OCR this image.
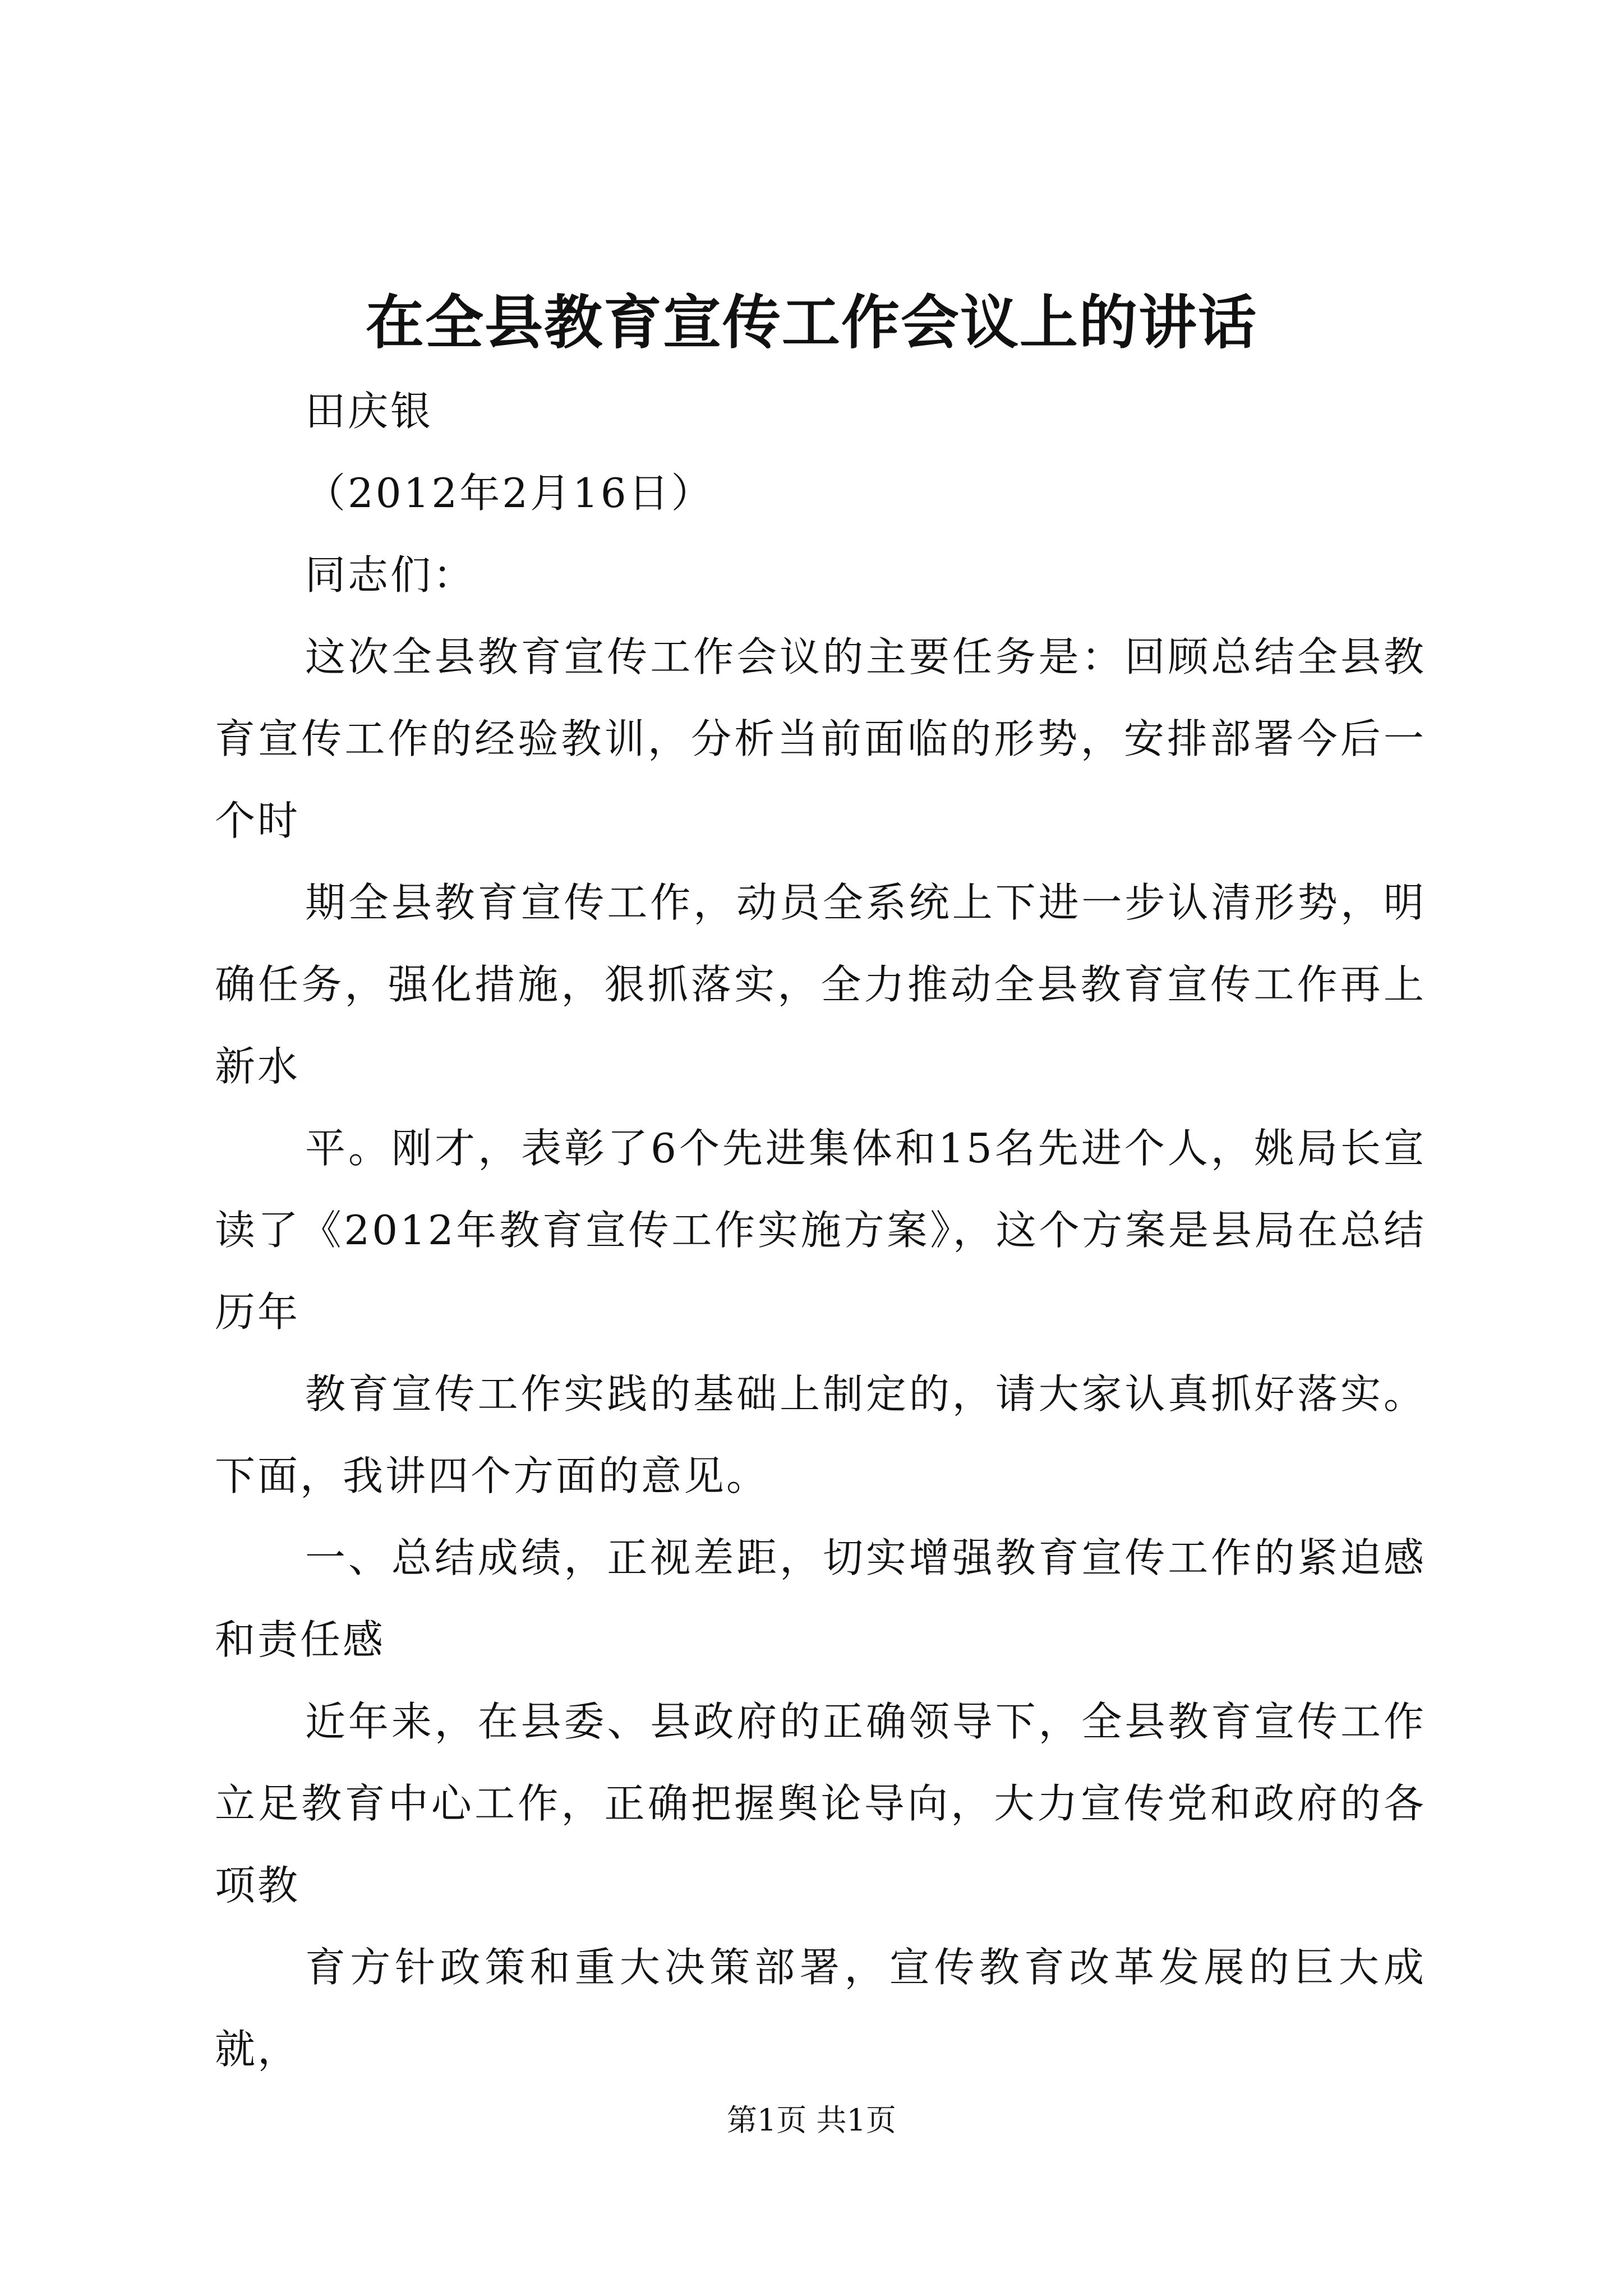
在全县教育宣传工作会议上的讲话

田庆银

（2012年2月16日）

同志们：

这次全县教育宣传工作会议的主要任务是：回顾总结全县教育宣传工作的经验教训，分析当前面临的形势，安排部署今后一个时

期全县教育宣传工作，动员全系统上下进一步认清形势，明确任务，强化措施，狠抓落实，全力推动全县教育宣传工作再上新水

平。刚才，表彰了6个先进集体和15名先进个人，姚局长宣读了《2012年教育宣传工作实施方案》，这个方案是县局在总结历年

教育宣传工作实践的基础上制定的，请大家认真抓好落实。下面，我讲四个方面的意见。

一、总结成绩，正视差距，切实增强教育宣传工作的紧迫感和责任感

近年来，在县委、县政府的正确领导下，全县教育宣传工作立足教育中心工作，正确把握舆论导向，大力宣传党和政府的各项教

育方针政策和重大决策部署，宣传教育改革发展的巨大成就，

第1页 共1页
